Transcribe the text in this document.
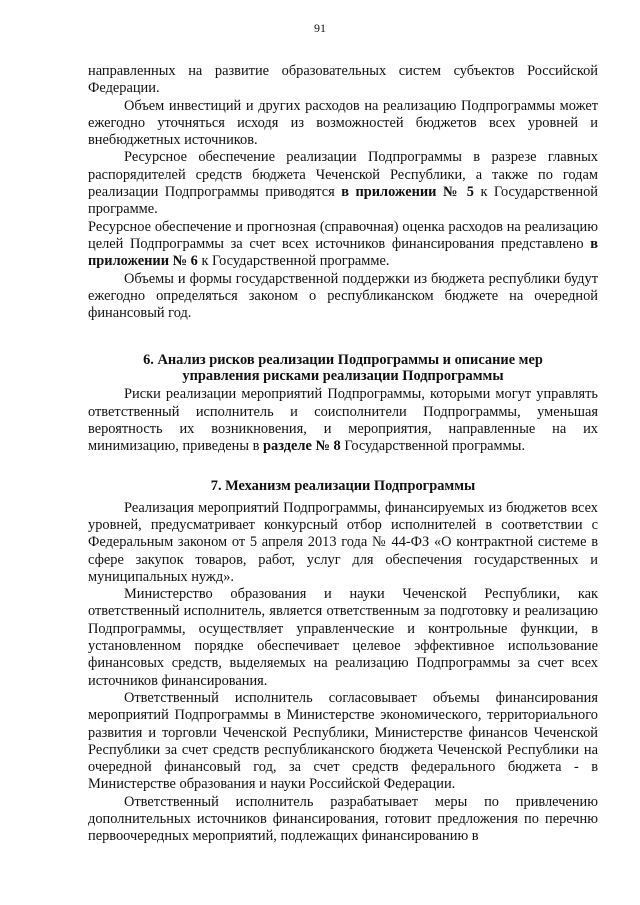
91

направленных на развитие образовательных систем субъектов Российской Федерации.

Объем инвестиций и других расходов на реализацию Подпрограммы может ежегодно уточняться исходя из возможностей бюджетов всех уровней и внебюджетных источников.

Ресурсное обеспечение реализации Подпрограммы в разрезе главных распорядителей средств бюджета Чеченской Республики, а также по годам реализации Подпрограммы приводятся в приложении № 5 к Государственной программе.

Ресурсное обеспечение и прогнозная (справочная) оценка расходов на реализацию целей Подпрограммы за счет всех источников финансирования представлено в приложении № 6 к Государственной программе.

Объемы и формы государственной поддержки из бюджета республики будут ежегодно определяться законом о республиканском бюджете на очередной финансовый год.

6. Анализ рисков реализации Подпрограммы и описание мер
управления рисками реализации Подпрограммы

Риски реализации мероприятий Подпрограммы, которыми могут управлять ответственный исполнитель и соисполнители Подпрограммы, уменьшая вероятность их возникновения, и мероприятия, направленные на их минимизацию, приведены в разделе № 8 Государственной программы.

7. Механизм реализации Подпрограммы

Реализация мероприятий Подпрограммы, финансируемых из бюджетов всех уровней, предусматривает конкурсный отбор исполнителей в соответствии с Федеральным законом от 5 апреля 2013 года № 44-ФЗ «О контрактной системе в сфере закупок товаров, работ, услуг для обеспечения государственных и муниципальных нужд».

Министерство образования и науки Чеченской Республики, как ответственный исполнитель, является ответственным за подготовку и реализацию Подпрограммы, осуществляет управленческие и контрольные функции, в установленном порядке обеспечивает целевое эффективное использование финансовых средств, выделяемых на реализацию Подпрограммы за счет всех источников финансирования.

Ответственный исполнитель согласовывает объемы финансирования мероприятий Подпрограммы в Министерстве экономического, территориального развития и торговли Чеченской Республики, Министерстве финансов Чеченской Республики за счет средств республиканского бюджета Чеченской Республики на очередной финансовый год, за счет средств федерального бюджета - в Министерстве образования и науки Российской Федерации.

Ответственный исполнитель разрабатывает меры по привлечению дополнительных источников финансирования, готовит предложения по перечню первоочередных мероприятий, подлежащих финансированию в
